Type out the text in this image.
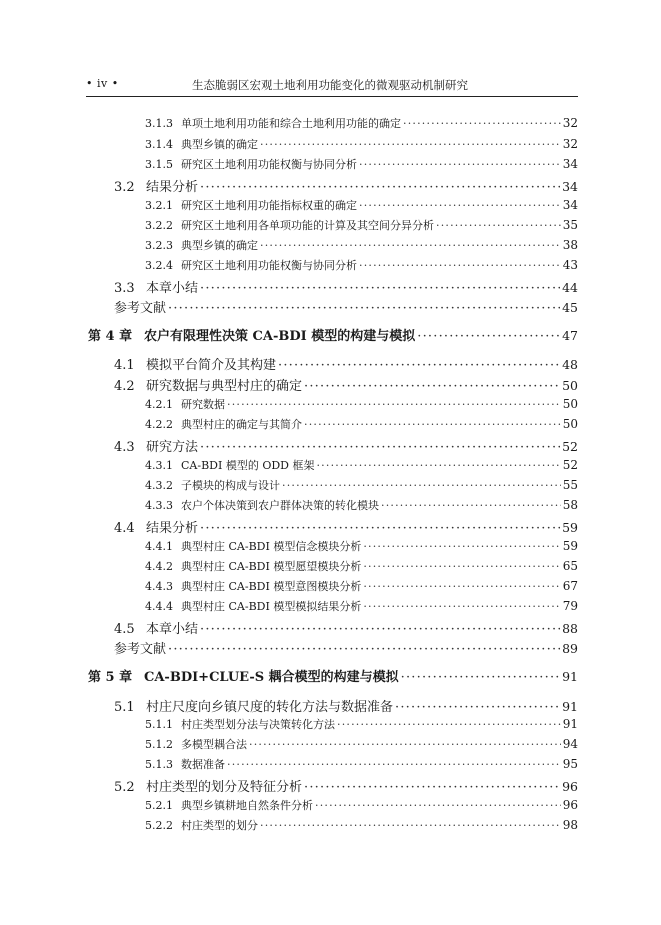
• iv •	生态脆弱区宏观土地利用功能变化的微观驱动机制研究
3.1.3 单项土地利用功能和综合土地利用功能的确定 ·····	32
3.1.4 典型乡镇的确定 ·····	32
3.1.5 研究区土地利用功能权衡与协同分析 ·····	34
3.2 结果分析 ·····	34
3.2.1 研究区土地利用功能指标权重的确定 ·····	34
3.2.2 研究区土地利用各单项功能的计算及其空间分异分析 ·····	35
3.2.3 典型乡镇的确定 ·····	38
3.2.4 研究区土地利用功能权衡与协同分析 ·····	43
3.3 本章小结 ·····	44
参考文献 ·····	45
第 4 章 农户有限理性决策 CA-BDI 模型的构建与模拟 ·····	47
4.1 模拟平台简介及其构建 ·····	48
4.2 研究数据与典型村庄的确定 ·····	50
4.2.1 研究数据 ·····	50
4.2.2 典型村庄的确定与其简介 ·····	50
4.3 研究方法 ·····	52
4.3.1 CA-BDI 模型的 ODD 框架 ·····	52
4.3.2 子模块的构成与设计 ·····	55
4.3.3 农户个体决策到农户群体决策的转化模块 ·····	58
4.4 结果分析 ·····	59
4.4.1 典型村庄 CA-BDI 模型信念模块分析 ·····	59
4.4.2 典型村庄 CA-BDI 模型愿望模块分析 ·····	65
4.4.3 典型村庄 CA-BDI 模型意图模块分析 ·····	67
4.4.4 典型村庄 CA-BDI 模型模拟结果分析 ·····	79
4.5 本章小结 ·····	88
参考文献 ·····	89
第 5 章 CA-BDI+CLUE-S 耦合模型的构建与模拟 ·····	91
5.1 村庄尺度向乡镇尺度的转化方法与数据准备 ·····	91
5.1.1 村庄类型划分法与决策转化方法 ·····	91
5.1.2 多模型耦合法 ·····	94
5.1.3 数据准备 ·····	95
5.2 村庄类型的划分及特征分析 ·····	96
5.2.1 典型乡镇耕地自然条件分析 ·····	96
5.2.2 村庄类型的划分 ·····	98
